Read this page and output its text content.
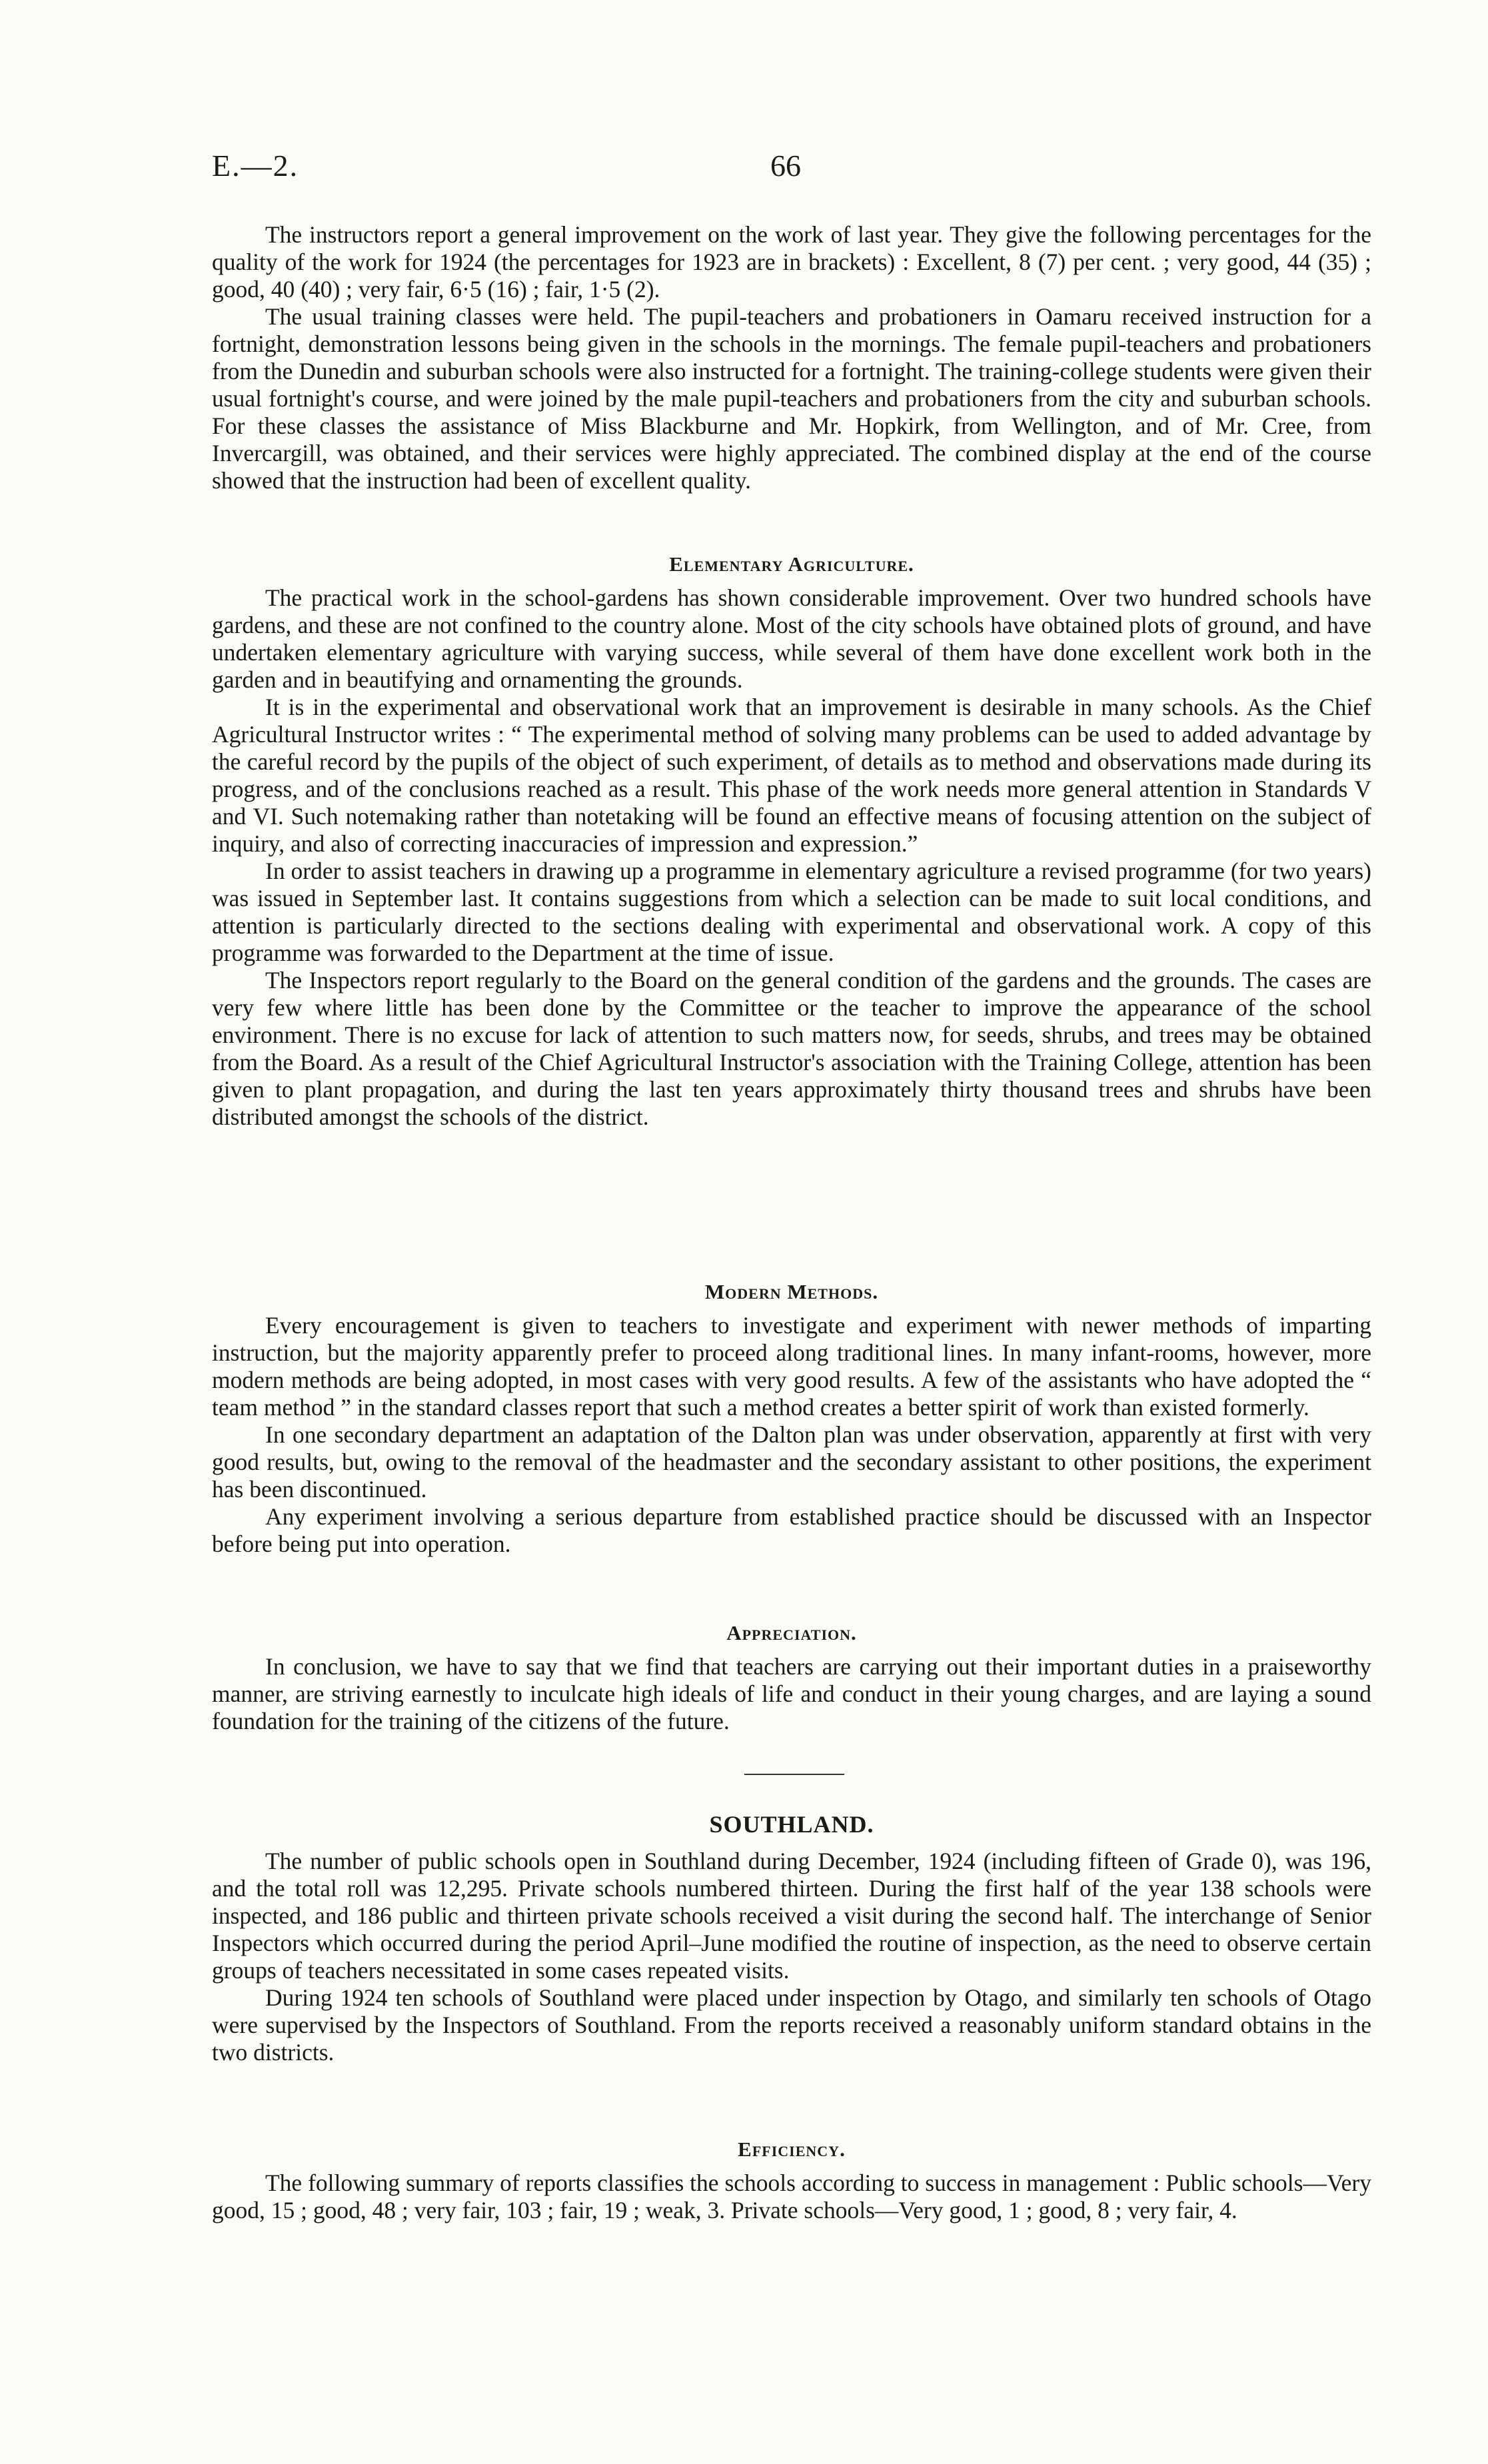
E.—2.	66

The instructors report a general improvement on the work of last year. They give the following percentages for the quality of the work for 1924 (the percentages for 1923 are in brackets) : Excellent, 8 (7) per cent. ; very good, 44 (35) ; good, 40 (40) ; very fair, 6·5 (16) ; fair, 1·5 (2).

The usual training classes were held. The pupil-teachers and probationers in Oamaru received instruction for a fortnight, demonstration lessons being given in the schools in the mornings. The female pupil-teachers and probationers from the Dunedin and suburban schools were also instructed for a fortnight. The training-college students were given their usual fortnight's course, and were joined by the male pupil-teachers and probationers from the city and suburban schools. For these classes the assistance of Miss Blackburne and Mr. Hopkirk, from Wellington, and of Mr. Cree, from Invercargill, was obtained, and their services were highly appreciated. The combined display at the end of the course showed that the instruction had been of excellent quality.

Elementary Agriculture.

The practical work in the school-gardens has shown considerable improvement. Over two hundred schools have gardens, and these are not confined to the country alone. Most of the city schools have obtained plots of ground, and have undertaken elementary agriculture with varying success, while several of them have done excellent work both in the garden and in beautifying and ornamenting the grounds.

It is in the experimental and observational work that an improvement is desirable in many schools. As the Chief Agricultural Instructor writes : “ The experimental method of solving many problems can be used to added advantage by the careful record by the pupils of the object of such experiment, of details as to method and observations made during its progress, and of the conclusions reached as a result. This phase of the work needs more general attention in Standards V and VI. Such notemaking rather than notetaking will be found an effective means of focusing attention on the subject of inquiry, and also of correcting inaccuracies of impression and expression.”

In order to assist teachers in drawing up a programme in elementary agriculture a revised programme (for two years) was issued in September last. It contains suggestions from which a selection can be made to suit local conditions, and attention is particularly directed to the sections dealing with experimental and observational work. A copy of this programme was forwarded to the Department at the time of issue.

The Inspectors report regularly to the Board on the general condition of the gardens and the grounds. The cases are very few where little has been done by the Committee or the teacher to improve the appearance of the school environment. There is no excuse for lack of attention to such matters now, for seeds, shrubs, and trees may be obtained from the Board. As a result of the Chief Agricultural Instructor's association with the Training College, attention has been given to plant propagation, and during the last ten years approximately thirty thousand trees and shrubs have been distributed amongst the schools of the district.

Modern Methods.

Every encouragement is given to teachers to investigate and experiment with newer methods of imparting instruction, but the majority apparently prefer to proceed along traditional lines. In many infant-rooms, however, more modern methods are being adopted, in most cases with very good results. A few of the assistants who have adopted the “ team method ” in the standard classes report that such a method creates a better spirit of work than existed formerly.

In one secondary department an adaptation of the Dalton plan was under observation, apparently at first with very good results, but, owing to the removal of the headmaster and the secondary assistant to other positions, the experiment has been discontinued.

Any experiment involving a serious departure from established practice should be discussed with an Inspector before being put into operation.

Appreciation.

In conclusion, we have to say that we find that teachers are carrying out their important duties in a praiseworthy manner, are striving earnestly to inculcate high ideals of life and conduct in their young charges, and are laying a sound foundation for the training of the citizens of the future.

SOUTHLAND.

The number of public schools open in Southland during December, 1924 (including fifteen of Grade 0), was 196, and the total roll was 12,295. Private schools numbered thirteen. During the first half of the year 138 schools were inspected, and 186 public and thirteen private schools received a visit during the second half. The interchange of Senior Inspectors which occurred during the period April–June modified the routine of inspection, as the need to observe certain groups of teachers necessitated in some cases repeated visits.

During 1924 ten schools of Southland were placed under inspection by Otago, and similarly ten schools of Otago were supervised by the Inspectors of Southland. From the reports received a reasonably uniform standard obtains in the two districts.

Efficiency.

The following summary of reports classifies the schools according to success in management : Public schools—Very good, 15 ; good, 48 ; very fair, 103 ; fair, 19 ; weak, 3. Private schools—Very good, 1 ; good, 8 ; very fair, 4.
